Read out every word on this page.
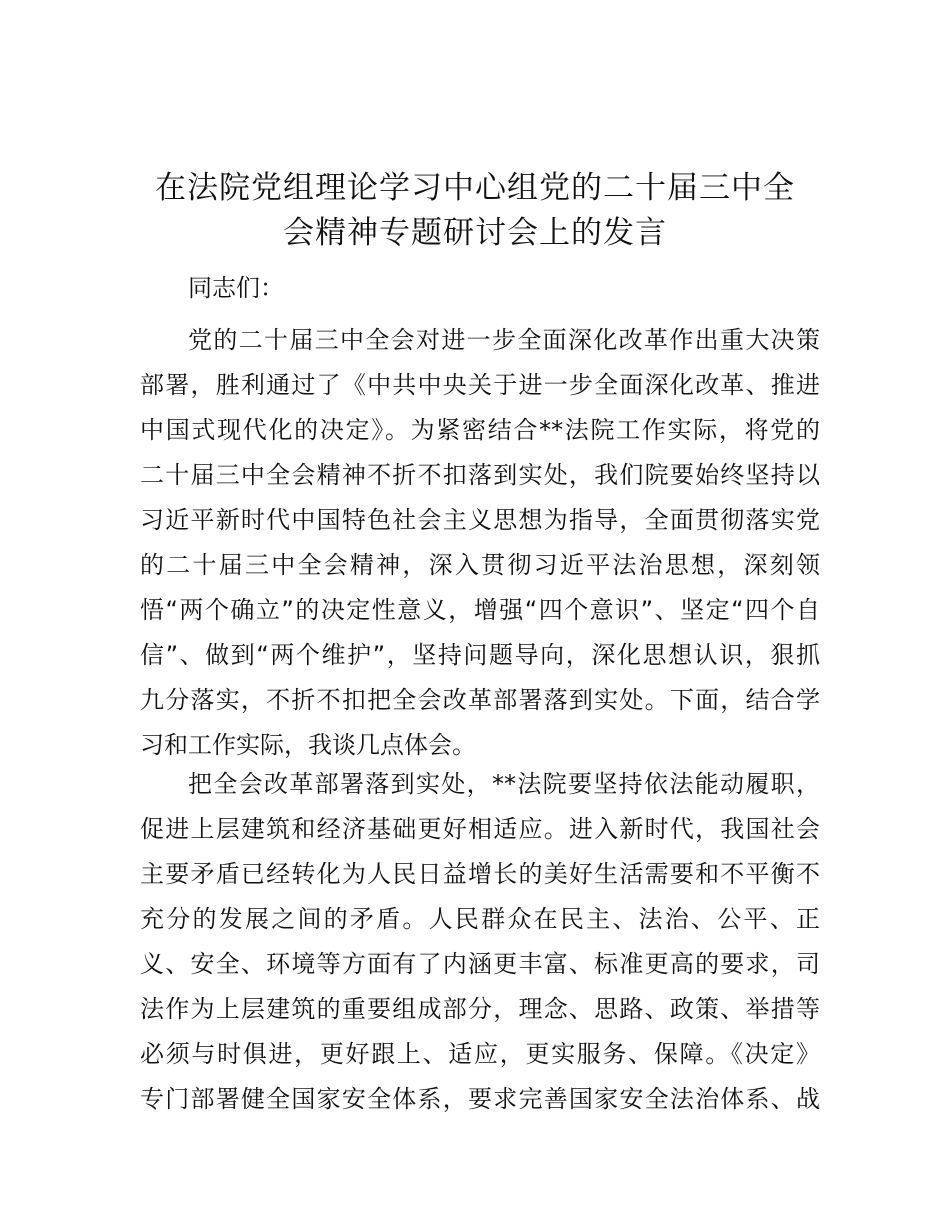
在法院党组理论学习中心组党的二十届三中全
会精神专题研讨会上的发言

同志们：

党的二十届三中全会对进一步全面深化改革作出重大决策
部署，胜利通过了《中共中央关于进一步全面深化改革、推进
中国式现代化的决定》。为紧密结合**法院工作实际，将党的
二十届三中全会精神不折不扣落到实处，我们院要始终坚持以
习近平新时代中国特色社会主义思想为指导，全面贯彻落实党
的二十届三中全会精神，深入贯彻习近平法治思想，深刻领
悟“两个确立”的决定性意义，增强“四个意识”、坚定“四个自
信”、做到“两个维护”，坚持问题导向，深化思想认识，狠抓
九分落实，不折不扣把全会改革部署落到实处。下面，结合学
习和工作实际，我谈几点体会。
把全会改革部署落到实处，**法院要坚持依法能动履职，
促进上层建筑和经济基础更好相适应。进入新时代，我国社会
主要矛盾已经转化为人民日益增长的美好生活需要和不平衡不
充分的发展之间的矛盾。人民群众在民主、法治、公平、正
义、安全、环境等方面有了内涵更丰富、标准更高的要求，司
法作为上层建筑的重要组成部分，理念、思路、政策、举措等
必须与时俱进，更好跟上、适应，更实服务、保障。《决定》
专门部署健全国家安全体系，要求完善国家安全法治体系、战
